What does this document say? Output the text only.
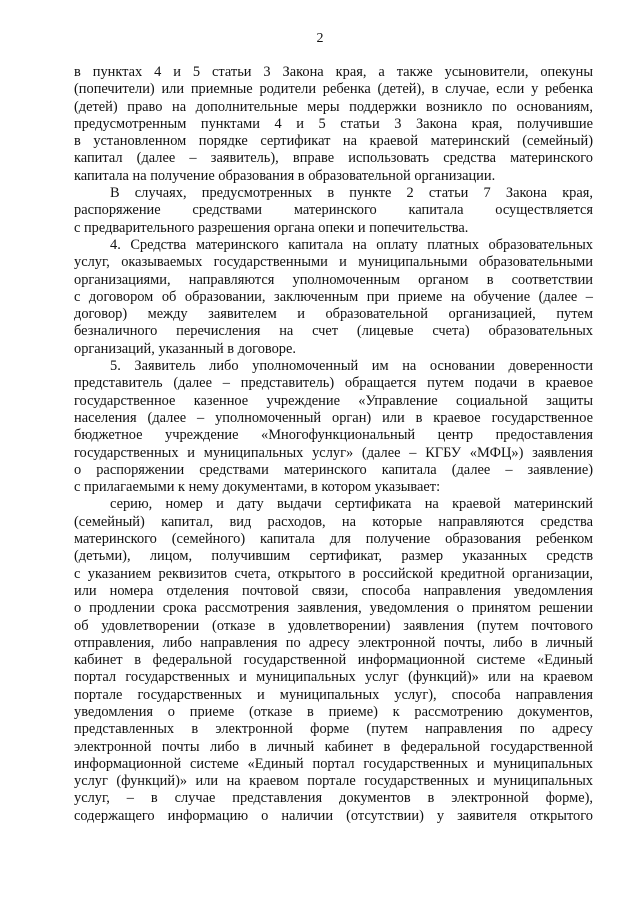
2

в пунктах 4 и 5 статьи 3 Закона края, а также усыновители, опекуны
(попечители) или приемные родители ребенка (детей), в случае, если у ребенка
(детей) право на дополнительные меры поддержки возникло по основаниям,
предусмотренным пунктами 4 и 5 статьи 3 Закона края, получившие
в установленном порядке сертификат на краевой материнский (семейный)
капитал (далее – заявитель), вправе использовать средства материнского
капитала на получение образования в образовательной организации.

В случаях, предусмотренных в пункте 2 статьи 7 Закона края,
распоряжение средствами материнского капитала осуществляется
с предварительного разрешения органа опеки и попечительства.

4. Средства материнского капитала на оплату платных образовательных
услуг, оказываемых государственными и муниципальными образовательными
организациями, направляются уполномоченным органом в соответствии
с договором об образовании, заключенным при приеме на обучение (далее –
договор) между заявителем и образовательной организацией, путем
безналичного перечисления на счет (лицевые счета) образовательных
организаций, указанный в договоре.

5. Заявитель либо уполномоченный им на основании доверенности
представитель (далее – представитель) обращается путем подачи в краевое
государственное казенное учреждение «Управление социальной защиты
населения (далее – уполномоченный орган) или в краевое государственное
бюджетное учреждение «Многофункциональный центр предоставления
государственных и муниципальных услуг» (далее – КГБУ «МФЦ») заявления
о распоряжении средствами материнского капитала (далее – заявление)
с прилагаемыми к нему документами, в котором указывает:

серию, номер и дату выдачи сертификата на краевой материнский
(семейный) капитал, вид расходов, на которые направляются средства
материнского (семейного) капитала для получение образования ребенком
(детьми), лицом, получившим сертификат, размер указанных средств
с указанием реквизитов счета, открытого в российской кредитной организации,
или номера отделения почтовой связи, способа направления уведомления
о продлении срока рассмотрения заявления, уведомления о принятом решении
об удовлетворении (отказе в удовлетворении) заявления (путем почтового
отправления, либо направления по адресу электронной почты, либо в личный
кабинет в федеральной государственной информационной системе «Единый
портал государственных и муниципальных услуг (функций)» или на краевом
портале государственных и муниципальных услуг), способа направления
уведомления о приеме (отказе в приеме) к рассмотрению документов,
представленных в электронной форме (путем направления по адресу
электронной почты либо в личный кабинет в федеральной государственной
информационной системе «Единый портал государственных и муниципальных
услуг (функций)» или на краевом портале государственных и муниципальных
услуг, – в случае представления документов в электронной форме),
содержащего информацию о наличии (отсутствии) у заявителя открытого
